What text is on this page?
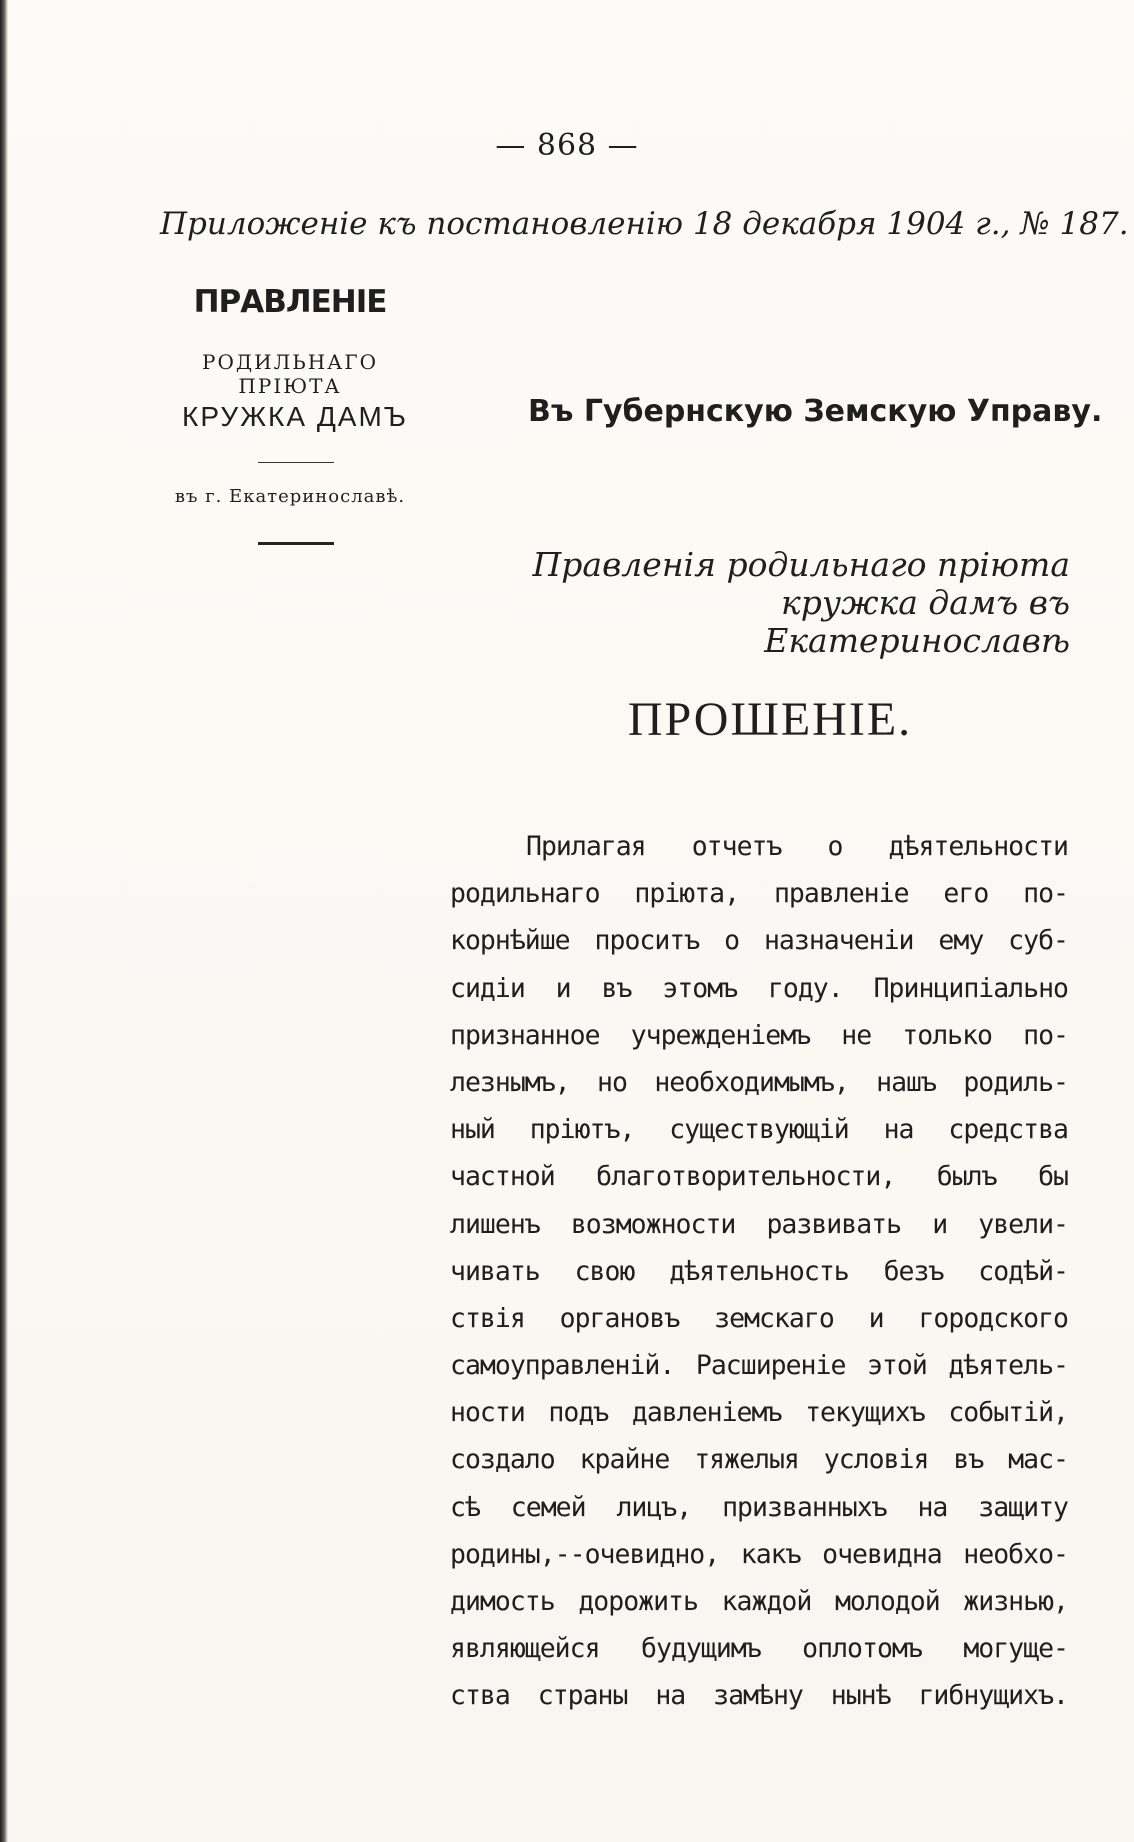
— 868 —
Приложеніе къ постановленію 18 декабря 1904 г., № 187.
ПРАВЛЕНІЕ
РОДИЛЬНАГО ПРІЮТА
КРУЖКА ДАМЪ
въ г. Екатеринославѣ.
Въ Губернскую Земскую Управу.
Правленія родильнаго пріюта
кружка дамъ въ Екатеринославѣ
ПРОШЕНІЕ.
Прилагая отчетъ о дѣятельности
родильнаго пріюта, правленіе его по-
корнѣйше проситъ о назначеніи ему суб-
сидіи и въ этомъ году. Принципіально
признанное учрежденіемъ не только по-
лезнымъ, но необходимымъ, нашъ родиль-
ный пріютъ, существующій на средства
частной благотворительности, былъ бы
лишенъ возможности развивать и увели-
чивать свою дѣятельность безъ содѣй-
ствія органовъ земскаго и городского
самоуправленій. Расширеніе этой дѣятель-
ности подъ давленіемъ текущихъ событій,
создало крайне тяжелыя условія въ мас-
сѣ семей лицъ, призванныхъ на защиту
родины,--очевидно, какъ очевидна необхо-
димость дорожить каждой молодой жизнью,
являющейся будущимъ оплотомъ могуще-
ства страны на замѣну нынѣ гибнущихъ.
